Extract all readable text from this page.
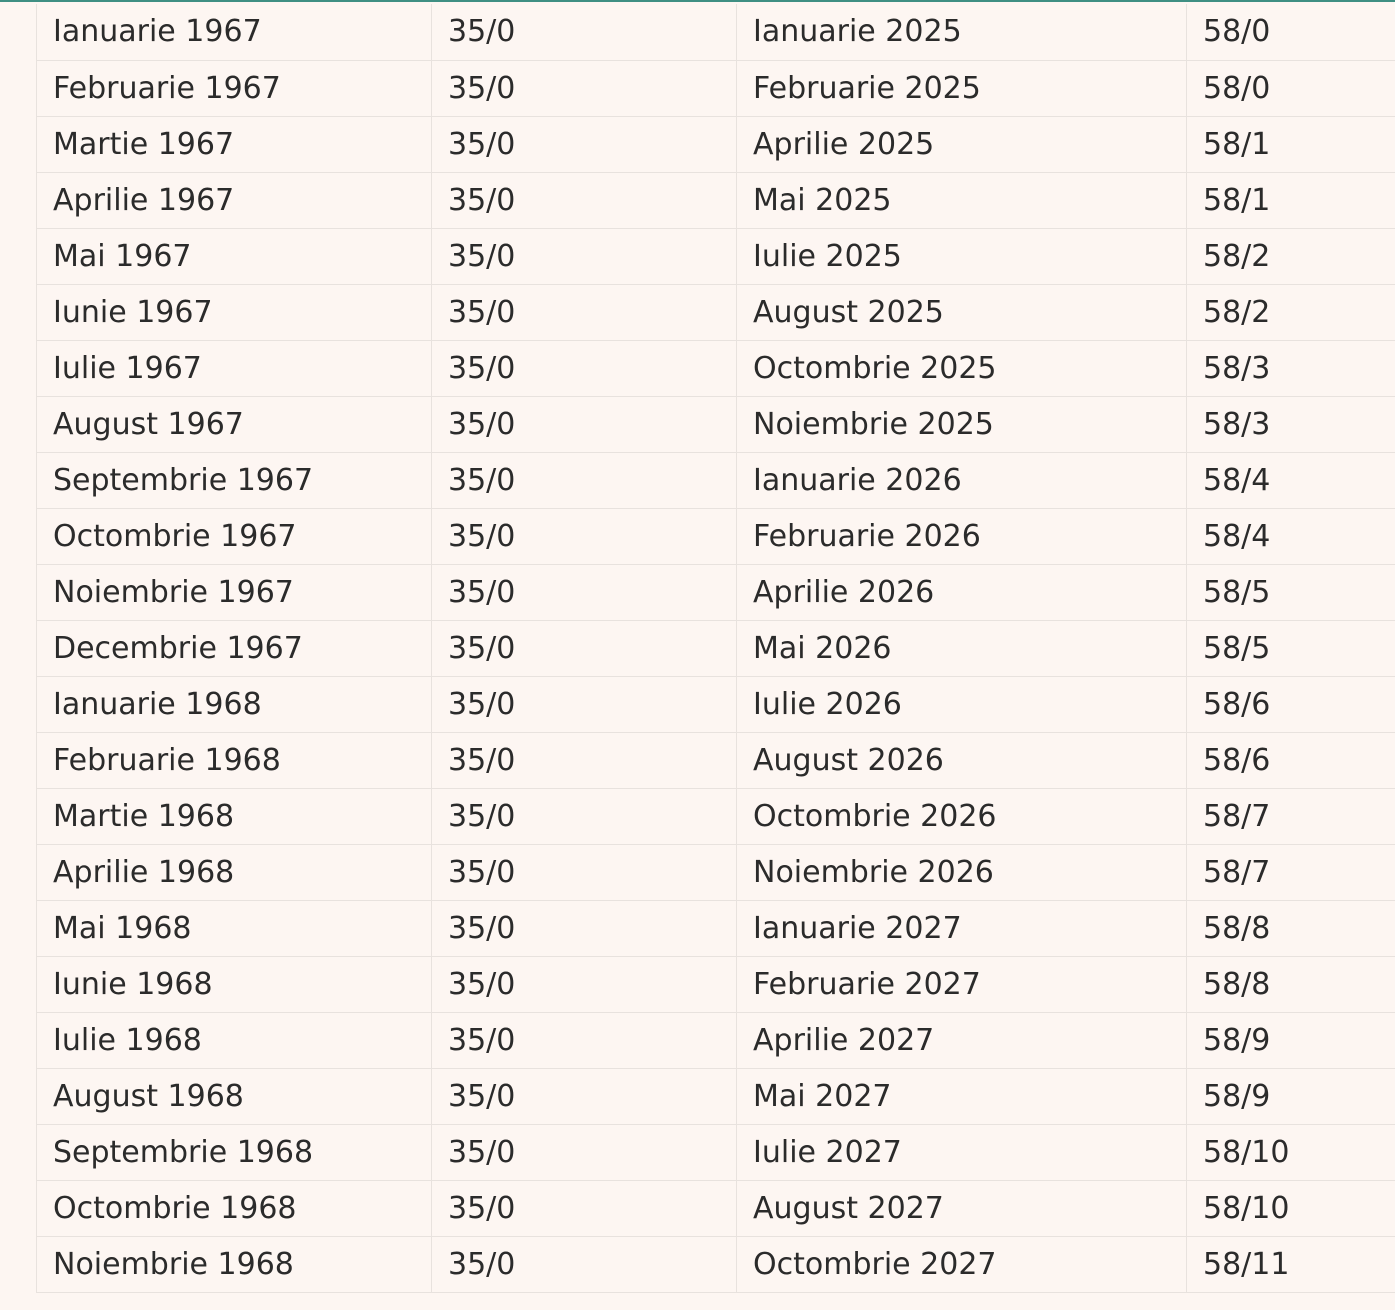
Ianuarie 1967	35/0	Ianuarie 2025	58/0
Februarie 1967	35/0	Februarie 2025	58/0
Martie 1967	35/0	Aprilie 2025	58/1
Aprilie 1967	35/0	Mai 2025	58/1
Mai 1967	35/0	Iulie 2025	58/2
Iunie 1967	35/0	August 2025	58/2
Iulie 1967	35/0	Octombrie 2025	58/3
August 1967	35/0	Noiembrie 2025	58/3
Septembrie 1967	35/0	Ianuarie 2026	58/4
Octombrie 1967	35/0	Februarie 2026	58/4
Noiembrie 1967	35/0	Aprilie 2026	58/5
Decembrie 1967	35/0	Mai 2026	58/5
Ianuarie 1968	35/0	Iulie 2026	58/6
Februarie 1968	35/0	August 2026	58/6
Martie 1968	35/0	Octombrie 2026	58/7
Aprilie 1968	35/0	Noiembrie 2026	58/7
Mai 1968	35/0	Ianuarie 2027	58/8
Iunie 1968	35/0	Februarie 2027	58/8
Iulie 1968	35/0	Aprilie 2027	58/9
August 1968	35/0	Mai 2027	58/9
Septembrie 1968	35/0	Iulie 2027	58/10
Octombrie 1968	35/0	August 2027	58/10
Noiembrie 1968	35/0	Octombrie 2027	58/11
